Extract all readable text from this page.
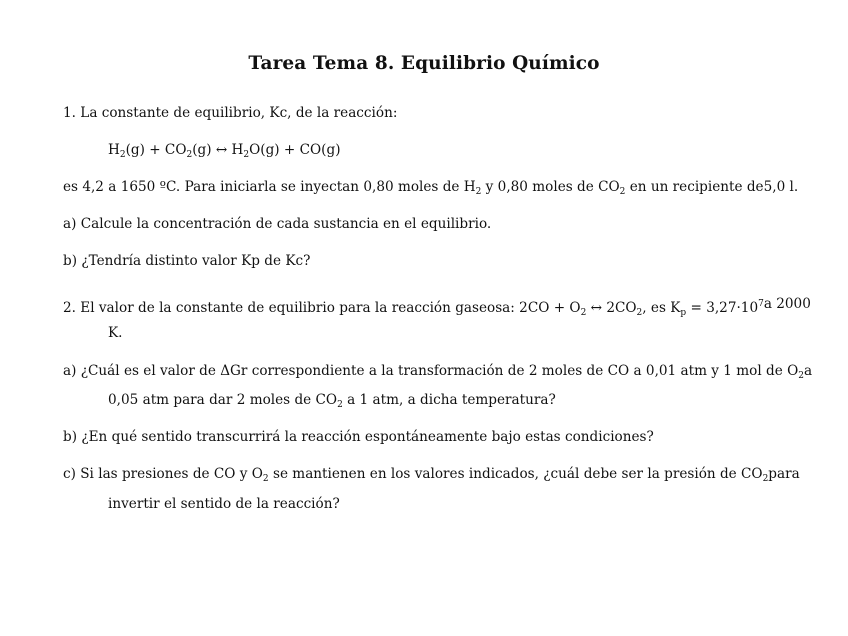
Tarea Tema 8. Equilibrio Químico
1. La constante de equilibrio, Kc, de la reacción:
$H_2(g) + CO_2(g)$ ↔ $H_2O(g) + CO(g)$
es 4,2 a 1650 ºC. Para iniciarla se inyectan 0,80 moles de $H_2$ y 0,80 moles de $CO_2$ en un recipiente de 5,0 l.
a) Calcule la concentración de cada sustancia en el equilibrio.
b) ¿Tendría distinto valor Kp de Kc?
2. El valor de la constante de equilibrio para la reacción gaseosa: $2CO + O_2$ ↔ $2CO_2$, es $K_p = 3,27\cdot 10^7$ a 2000
K.
a) ¿Cuál es el valor de ΔGr correspondiente a la transformación de 2 moles de CO a 0,01 atm y 1 mol de $O_2$ a
0,05 atm para dar 2 moles de $CO_2$ a 1 atm, a dicha temperatura?
b) ¿En qué sentido transcurrirá la reacción espontáneamente bajo estas condiciones?
c) Si las presiones de CO y $O_2$ se mantienen en los valores indicados, ¿cuál debe ser la presión de $CO_2$ para
invertir el sentido de la reacción?
